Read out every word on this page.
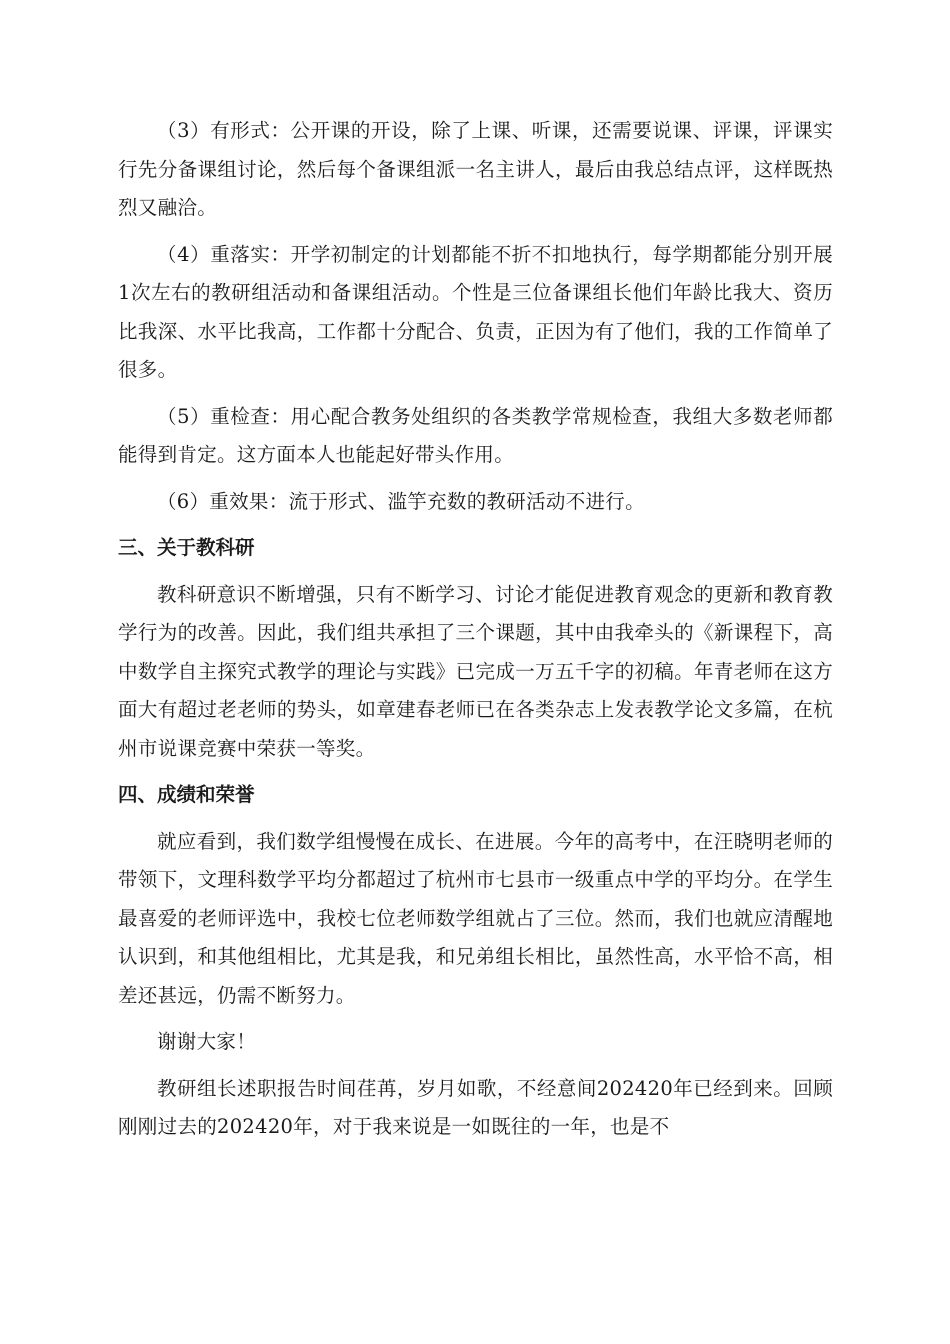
（3）有形式：公开课的开设，除了上课、听课，还需要说课、评课，评课实行先分备课组讨论，然后每个备课组派一名主讲人，最后由我总结点评，这样既热烈又融洽。

（4）重落实：开学初制定的计划都能不折不扣地执行，每学期都能分别开展1次左右的教研组活动和备课组活动。个性是三位备课组长他们年龄比我大、资历比我深、水平比我高，工作都十分配合、负责，正因为有了他们，我的工作简单了很多。

（5）重检查：用心配合教务处组织的各类教学常规检查，我组大多数老师都能得到肯定。这方面本人也能起好带头作用。

（6）重效果：流于形式、滥竽充数的教研活动不进行。

三、关于教科研

教科研意识不断增强，只有不断学习、讨论才能促进教育观念的更新和教育教学行为的改善。因此，我们组共承担了三个课题，其中由我牵头的《新课程下，高中数学自主探究式教学的理论与实践》已完成一万五千字的初稿。年青老师在这方面大有超过老老师的势头，如章建春老师已在各类杂志上发表教学论文多篇，在杭州市说课竞赛中荣获一等奖。

四、成绩和荣誉

就应看到，我们数学组慢慢在成长、在进展。今年的高考中，在汪晓明老师的带领下，文理科数学平均分都超过了杭州市七县市一级重点中学的平均分。在学生最喜爱的老师评选中，我校七位老师数学组就占了三位。然而，我们也就应清醒地认识到，和其他组相比，尤其是我，和兄弟组长相比，虽然性高，水平恰不高，相差还甚远，仍需不断努力。

谢谢大家！

教研组长述职报告时间荏苒，岁月如歌，不经意间202420年已经到来。回顾刚刚过去的202420年，对于我来说是一如既往的一年，也是不
